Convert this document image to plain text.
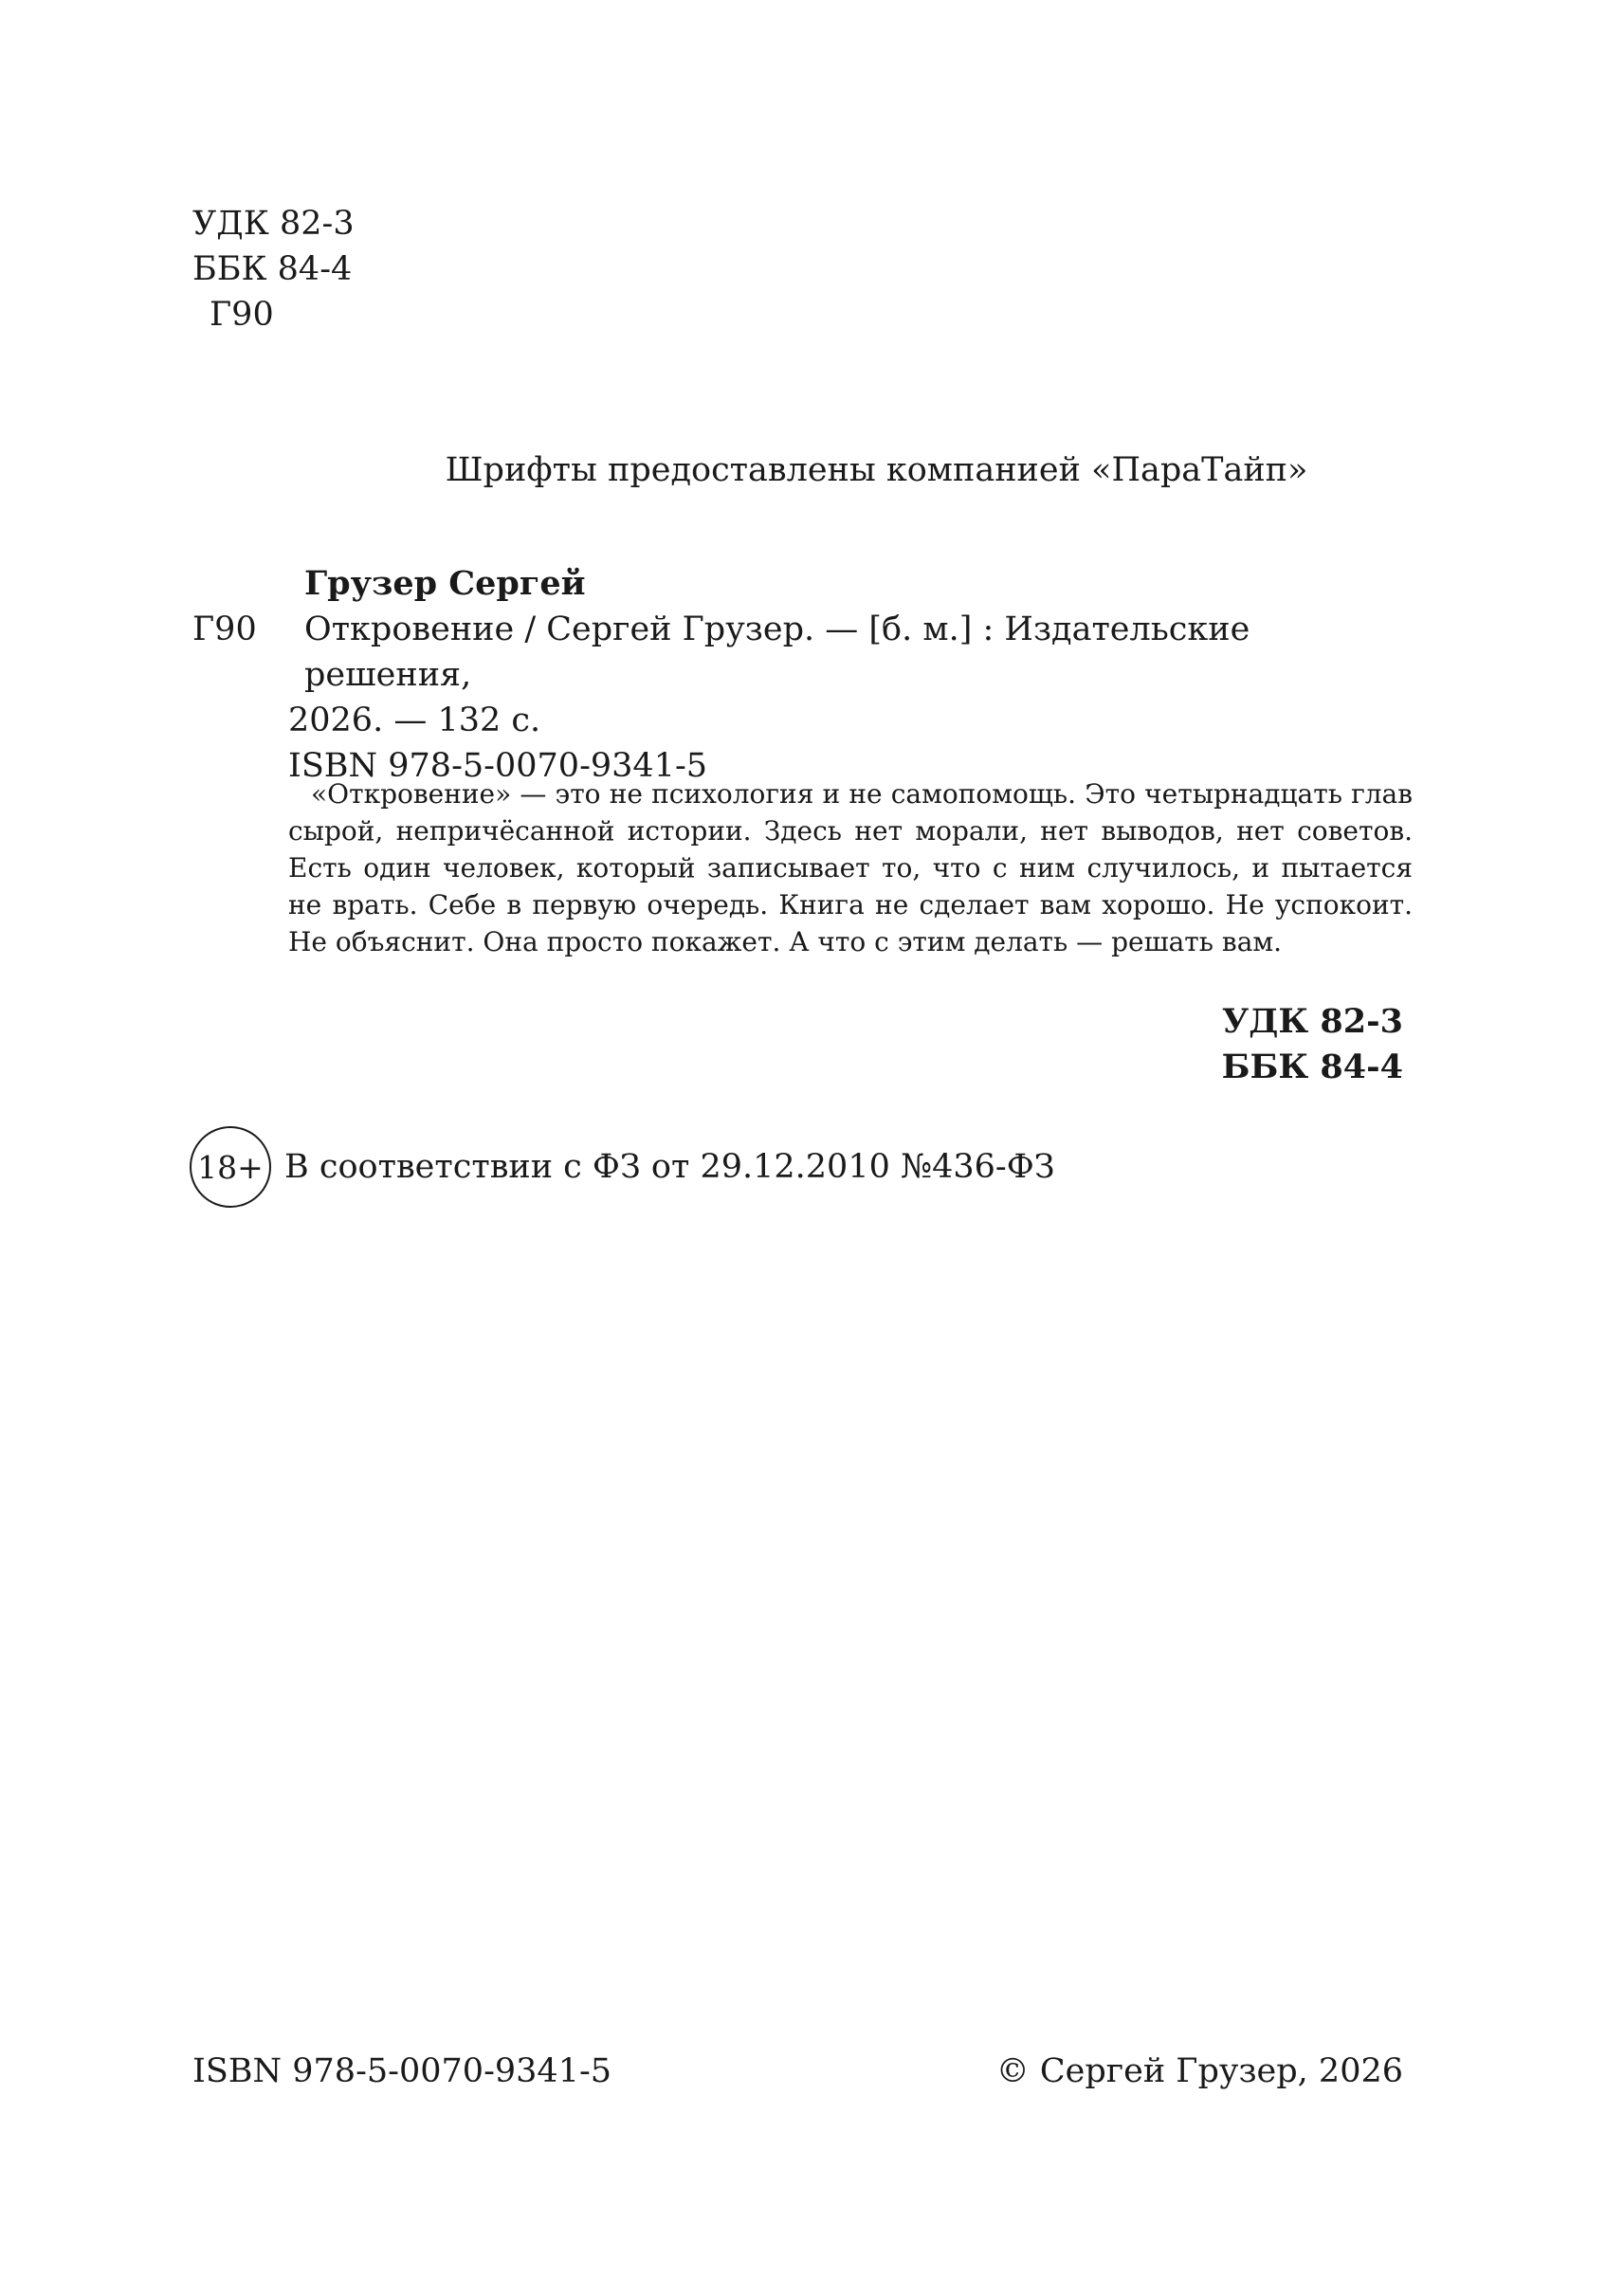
УДК 82-3
ББК 84-4
Г90
Шрифты предоставлены компанией «ПараТайп»
Грузер Сергей
Г90	Откровение / Сергей Грузер. — [б. м.] : Издательские решения,
2026. — 132 с.
ISBN 978-5-0070-9341-5
«Откровение» — это не психология и не самопомощь. Это четырнадцать глав сырой, непричёсанной истории. Здесь нет морали, нет выводов, нет советов. Есть один человек, который записывает то, что с ним случилось, и пытается не врать. Себе в первую очередь. Книга не сделает вам хорошо. Не успокоит. Не объяснит. Она просто покажет. А что с этим делать — решать вам.
УДК 82-3
ББК 84-4
18+ В соответствии с ФЗ от 29.12.2010 №436-ФЗ
ISBN 978-5-0070-9341-5	© Сергей Грузер, 2026
